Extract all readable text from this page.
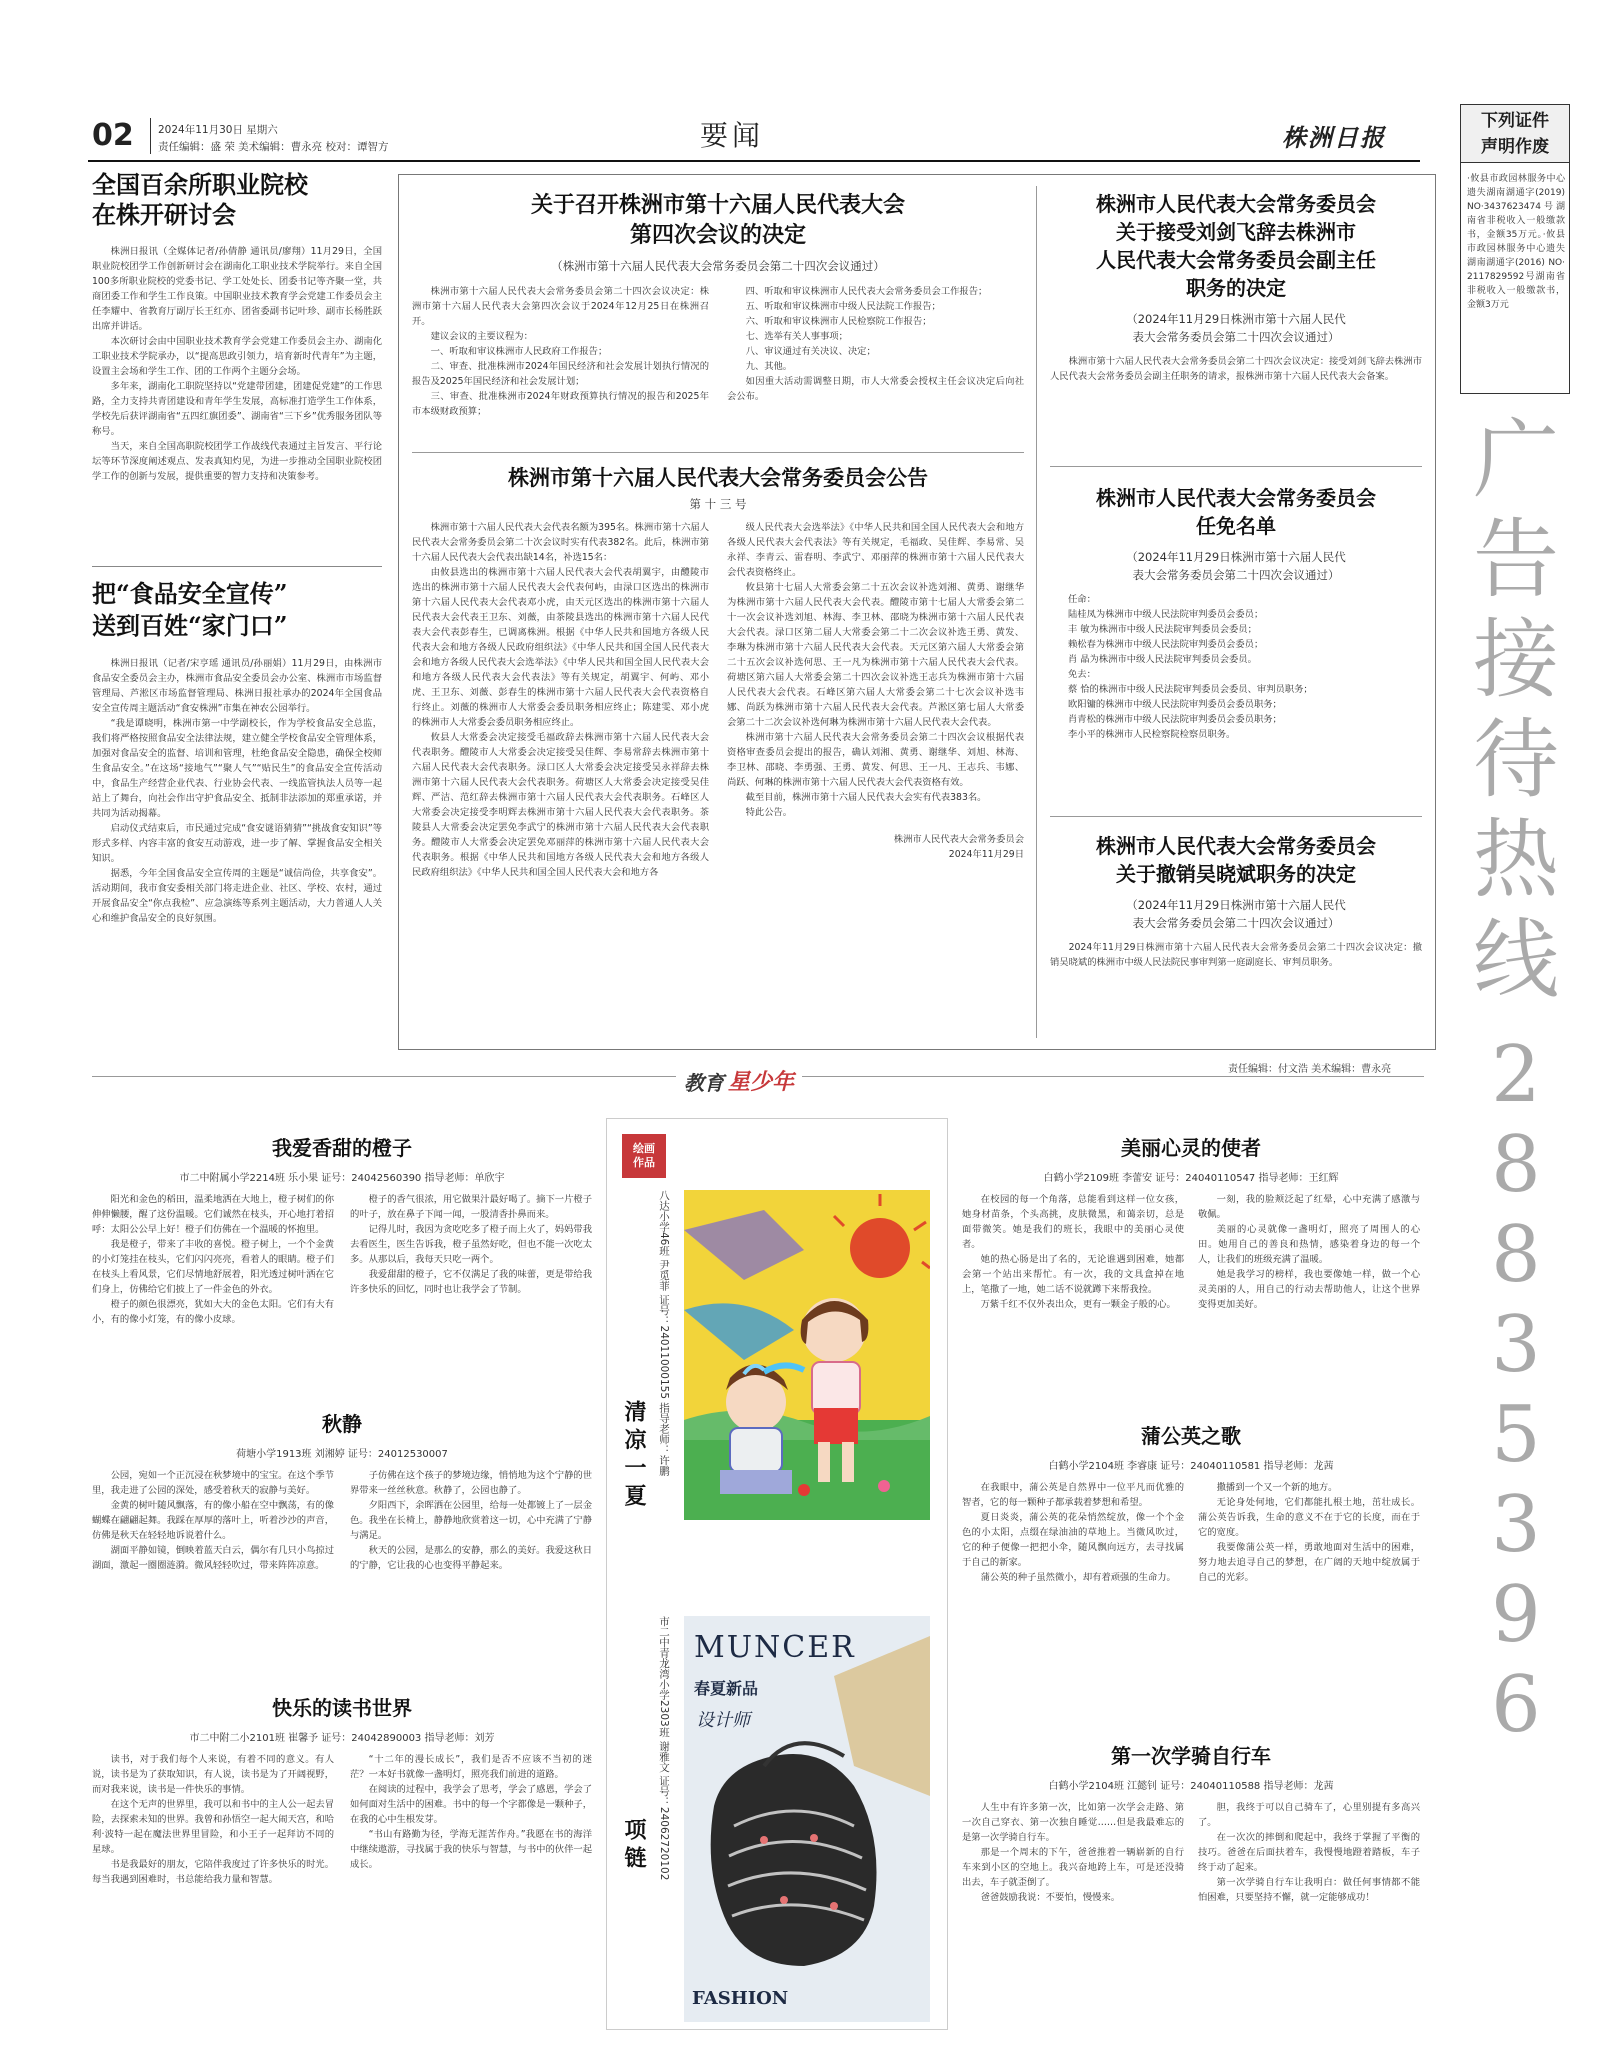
02 2024年11月30日 星期六
责任编辑：盛 荣 美术编辑：曹永亮 校对：谭智方	要闻	株洲日报
下列证件
声明作废
·攸县市政园林服务中心遗失湖南湖通字(2019) NO·3437623474号湖南省非税收入一般缴款书，金额35万元。·攸县市政园林服务中心遗失湖南湖通字(2016) NO·2117829592号湖南省非税收入一般缴款书，金额3万元
广
告
接
待
热
线
2
8
8
3
5
3
9
6
全国百余所职业院校
在株开研讨会

株洲日报讯（全媒体记者/孙倩静 通讯员/廖翔）11月29日，全国职业院校团学工作创新研讨会在湖南化工职业技术学院举行。来自全国100多所职业院校的党委书记、学工处处长、团委书记等齐聚一堂，共商团委工作和学生工作良策。中国职业技术教育学会党建工作委员会主任李耀中、省教育厅副厅长王红亦、团省委副书记叶珍、副市长杨胜跃出席并讲话。

本次研讨会由中国职业技术教育学会党建工作委员会主办、湖南化工职业技术学院承办，以“提高思政引领力，培育新时代青年”为主题，设置主会场和学生工作、团的工作两个主题分会场。

多年来，湖南化工职院坚持以“党建带团建，团建促党建”的工作思路，全力支持共青团建设和青年学生发展，高标准打造学生工作体系，学校先后获评湖南省“五四红旗团委”、湖南省“三下乡”优秀服务团队等称号。

当天，来自全国高职院校团学工作战线代表通过主旨发言、平行论坛等环节深度阐述观点、发表真知灼见，为进一步推动全国职业院校团学工作的创新与发展，提供重要的智力支持和决策参考。

把“食品安全宣传”
送到百姓“家门口”

株洲日报讯（记者/宋亨瑶 通讯员/孙丽娟）11月29日，由株洲市食品安全委员会主办，株洲市食品安全委员会办公室、株洲市市场监督管理局、芦淞区市场监督管理局、株洲日报社承办的2024年全国食品安全宣传周主题活动“食安株洲”市集在神农公园举行。

“我是谭晓明，株洲市第一中学副校长，作为学校食品安全总监，我们将严格按照食品安全法律法规，建立健全学校食品安全管理体系，加强对食品安全的监督、培训和管理，杜绝食品安全隐患，确保全校师生食品安全。”在这场“接地气”“聚人气”“贴民生”的食品安全宣传活动中，食品生产经营企业代表、行业协会代表、一线监管执法人员等一起站上了舞台，向社会作出守护食品安全、抵制非法添加的郑重承诺，并共同为活动揭幕。

启动仪式结束后，市民通过完成“食安谜语猜猜”“挑战食安知识”等形式多样、内容丰富的食安互动游戏，进一步了解、掌握食品安全相关知识。

据悉，今年全国食品安全宣传周的主题是“诚信尚俭，共享食安”。活动期间，我市食安委相关部门将走进企业、社区、学校、农村，通过开展食品安全“你点我检”、应急演练等系列主题活动，大力普通人人关心和维护食品安全的良好氛围。

关于召开株洲市第十六届人民代表大会
第四次会议的决定
（株洲市第十六届人民代表大会常务委员会第二十四次会议通过）

株洲市第十六届人民代表大会常务委员会第二十四次会议决定：株洲市第十六届人民代表大会第四次会议于2024年12月25日在株洲召开。

建议会议的主要议程为：

一、听取和审议株洲市人民政府工作报告；

二、审查、批准株洲市2024年国民经济和社会发展计划执行情况的报告及2025年国民经济和社会发展计划；

三、审查、批准株洲市2024年财政预算执行情况的报告和2025年市本级财政预算；

四、听取和审议株洲市人民代表大会常务委员会工作报告；

五、听取和审议株洲市中级人民法院工作报告；

六、听取和审议株洲市人民检察院工作报告；

七、选举有关人事事项；

八、审议通过有关决议、决定；

九、其他。

如因重大活动需调整日期，市人大常委会授权主任会议决定后向社会公布。

株洲市第十六届人民代表大会常务委员会公告
第 十 三 号

株洲市第十六届人民代表大会代表名额为395名。株洲市第十六届人民代表大会常务委员会第二十次会议时实有代表382名。此后，株洲市第十六届人民代表大会代表出缺14名，补选15名：

由攸县选出的株洲市第十六届人民代表大会代表胡翼宇，由醴陵市选出的株洲市第十六届人民代表大会代表何屿，由渌口区选出的株洲市第十六届人民代表大会代表邓小虎，由天元区选出的株洲市第十六届人民代表大会代表王卫东、刘薇，由茶陵县选出的株洲市第十六届人民代表大会代表彭春生，已调离株洲。根据《中华人民共和国地方各级人民代表大会和地方各级人民政府组织法》《中华人民共和国全国人民代表大会和地方各级人民代表大会选举法》《中华人民共和国全国人民代表大会和地方各级人民代表大会代表法》等有关规定，胡翼宇、何屿、邓小虎、王卫东、刘薇、彭春生的株洲市第十六届人民代表大会代表资格自行终止。刘薇的株洲市人大常委会委员职务相应终止；陈建雯、邓小虎的株洲市人大常委会委员职务相应终止。

攸县人大常委会决定接受毛福政辞去株洲市第十六届人民代表大会代表职务。醴陵市人大常委会决定接受吴佳辉、李易常辞去株洲市第十六届人民代表大会代表职务。渌口区人大常委会决定接受吴永祥辞去株洲市第十六届人民代表大会代表职务。荷塘区人大常委会决定接受吴佳辉、严洁、范红辞去株洲市第十六届人民代表大会代表职务。石峰区人大常委会决定接受李明辉去株洲市第十六届人民代表大会代表职务。茶陵县人大常委会决定罢免李武宁的株洲市第十六届人民代表大会代表职务。醴陵市人大常委会决定罢免邓丽萍的株洲市第十六届人民代表大会代表职务。根据《中华人民共和国地方各级人民代表大会和地方各级人民政府组织法》《中华人民共和国全国人民代表大会和地方各

级人民代表大会选举法》《中华人民共和国全国人民代表大会和地方各级人民代表大会代表法》等有关规定，毛福政、吴佳辉、李易常、吴永祥、李青云、雷春明、李武宁、邓丽萍的株洲市第十六届人民代表大会代表资格终止。

攸县第十七届人大常委会第二十五次会议补选刘湘、黄勇、谢继华为株洲市第十六届人民代表大会代表。醴陵市第十七届人大常委会第二十一次会议补选刘旭、林海、李卫林、邵晓为株洲市第十六届人民代表大会代表。渌口区第二届人大常委会第二十二次会议补选王勇、黄发、李琳为株洲市第十六届人民代表大会代表。天元区第六届人大常委会第二十五次会议补选何思、王一凡为株洲市第十六届人民代表大会代表。荷塘区第六届人大常委会第二十四次会议补选王志兵为株洲市第十六届人民代表大会代表。石峰区第六届人大常委会第二十七次会议补选韦娜、尚跃为株洲市第十六届人民代表大会代表。芦淞区第七届人大常委会第二十二次会议补选何琳为株洲市第十六届人民代表大会代表。

株洲市第十六届人民代表大会常务委员会第二十四次会议根据代表资格审查委员会提出的报告，确认刘湘、黄勇、谢继华、刘旭、林海、李卫林、邵晓、李勇强、王勇、黄发、何思、王一凡、王志兵、韦娜、尚跃、何琳的株洲市第十六届人民代表大会代表资格有效。

截至目前，株洲市第十六届人民代表大会实有代表383名。

特此公告。

株洲市人民代表大会常务委员会
2024年11月29日
株洲市人民代表大会常务委员会
关于接受刘剑飞辞去株洲市
人民代表大会常务委员会副主任
职务的决定
（2024年11月29日株洲市第十六届人民代
表大会常务委员会第二十四次会议通过）

株洲市第十六届人民代表大会常务委员会第二十四次会议决定：接受刘剑飞辞去株洲市人民代表大会常务委员会副主任职务的请求，报株洲市第十六届人民代表大会备案。

株洲市人民代表大会常务委员会
任免名单
（2024年11月29日株洲市第十六届人民代
表大会常务委员会第二十四次会议通过）
任命：
陆桂凤为株洲市中级人民法院审判委员会委员；
丰 敏为株洲市中级人民法院审判委员会委员；
赖松春为株洲市中级人民法院审判委员会委员；
肖 晶为株洲市中级人民法院审判委员会委员。
免去：
蔡 恰的株洲市中级人民法院审判委员会委员、审判员职务；
欧阳镛的株洲市中级人民法院审判委员会委员职务；
肖青松的株洲市中级人民法院审判委员会委员职务；
李小平的株洲市人民检察院检察员职务。
株洲市人民代表大会常务委员会
关于撤销吴晓斌职务的决定
（2024年11月29日株洲市第十六届人民代
表大会常务委员会第二十四次会议通过）

2024年11月29日株洲市第十六届人民代表大会常务委员会第二十四次会议决定：撤销吴晓斌的株洲市中级人民法院民事审判第一庭副庭长、审判员职务。

教育 星少年
责任编辑：付文浩 美术编辑：曹永亮
我爱香甜的橙子
市二中附属小学2214班 乐小果 证号：24042560390 指导老师：单欣宇

阳光和金色的稻田，温柔地洒在大地上，橙子树们的你伸伸懒腰，醒了这份温暖。它们诚然在枝头，开心地打着招呼：太阳公公早上好！橙子们仿佛在一个温暖的怀抱里。

我是橙子，带来了丰收的喜悦。橙子树上，一个个金黄的小灯笼挂在枝头，它们闪闪亮亮，看着人的眼睛。橙子们在枝头上看风景，它们尽情地舒展着，阳光透过树叶洒在它们身上，仿佛给它们披上了一件金色的外衣。

橙子的颜色很漂亮，犹如大大的金色太阳。它们有大有小，有的像小灯笼，有的像小皮球。

橙子的香气很浓，用它做果汁最好喝了。摘下一片橙子的叶子，放在鼻子下闻一闻，一股清香扑鼻而来。

记得儿时，我因为贪吃吃多了橙子而上火了，妈妈带我去看医生，医生告诉我，橙子虽然好吃，但也不能一次吃太多。从那以后，我每天只吃一两个。

我爱甜甜的橙子，它不仅满足了我的味蕾，更是带给我许多快乐的回忆，同时也让我学会了节制。

秋静
荷塘小学1913班 刘湘婷 证号：24012530007

公园，宛如一个正沉浸在秋梦境中的宝宝。在这个季节里，我走进了公园的深处，感受着秋天的寂静与美好。

金黄的树叶随风飘落，有的像小船在空中飘荡，有的像蝴蝶在翩翩起舞。我踩在厚厚的落叶上，听着沙沙的声音，仿佛是秋天在轻轻地诉说着什么。

湖面平静如镜，倒映着蓝天白云，偶尔有几只小鸟掠过湖面，激起一圈圈涟漪。微风轻轻吹过，带来阵阵凉意。

子仿佛在这个孩子的梦境边缘，悄悄地为这个宁静的世界带来一丝丝秋意。秋静了，公园也静了。

夕阳西下，余晖洒在公园里，给每一处都镀上了一层金色。我坐在长椅上，静静地欣赏着这一切，心中充满了宁静与满足。

秋天的公园，是那么的安静，那么的美好。我爱这秋日的宁静，它让我的心也变得平静起来。

快乐的读书世界
市二中附二小2101班 崔馨予 证号：24042890003 指导老师：刘芳

读书，对于我们每个人来说，有着不同的意义。有人说，读书是为了获取知识，有人说，读书是为了开阔视野，而对我来说，读书是一件快乐的事情。

在这个无声的世界里，我可以和书中的主人公一起去冒险，去探索未知的世界。我曾和孙悟空一起大闹天宫，和哈利·波特一起在魔法世界里冒险，和小王子一起拜访不同的星球。

书是我最好的朋友，它陪伴我度过了许多快乐的时光。每当我遇到困难时，书总能给我力量和智慧。

“十二年的漫长成长”，我们是否不应该不当初的迷茫？一本好书就像一盏明灯，照亮我们前进的道路。

在阅读的过程中，我学会了思考，学会了感恩，学会了如何面对生活中的困难。书中的每一个字都像是一颗种子，在我的心中生根发芽。

“书山有路勤为径，学海无涯苦作舟。”我愿在书的海洋中继续遨游，寻找属于我的快乐与智慧，与书中的伙伴一起成长。

绘画作品
清凉一夏	八达小学46班 尹觅菲 证号：24011000155 指导老师：许鹏
项链	市二中青龙湾小学2303班 谢雅文 证号：24062720102 MUNCER
春夏新品
设计师
FASHION
美丽心灵的使者
白鹤小学2109班 李蕾安 证号：24040110547 指导老师：王红辉

在校园的每一个角落，总能看到这样一位女孩，她身材苗条，个头高挑，皮肤微黑，和蔼亲切，总是面带微笑。她是我们的班长，我眼中的美丽心灵使者。

她的热心肠是出了名的，无论谁遇到困难，她都会第一个站出来帮忙。有一次，我的文具盒掉在地上，笔撒了一地，她二话不说就蹲下来帮我捡。

万紫千红不仅外表出众，更有一颗金子般的心。

一刻，我的脸颊泛起了红晕，心中充满了感激与敬佩。

美丽的心灵就像一盏明灯，照亮了周围人的心田。她用自己的善良和热情，感染着身边的每一个人，让我们的班级充满了温暖。

她是我学习的榜样，我也要像她一样，做一个心灵美丽的人，用自己的行动去帮助他人，让这个世界变得更加美好。

蒲公英之歌
白鹤小学2104班 李睿康 证号：24040110581 指导老师：龙茜

在我眼中，蒲公英是自然界中一位平凡而优雅的智者，它的每一颗种子都承载着梦想和希望。

夏日炎炎，蒲公英的花朵悄然绽放，像一个个金色的小太阳，点缀在绿油油的草地上。当微风吹过，它的种子便像一把把小伞，随风飘向远方，去寻找属于自己的新家。

蒲公英的种子虽然微小，却有着顽强的生命力。

撒播到一个又一个新的地方。

无论身处何地，它们都能扎根土地，茁壮成长。蒲公英告诉我，生命的意义不在于它的长度，而在于它的宽度。

我要像蒲公英一样，勇敢地面对生活中的困难，努力地去追寻自己的梦想，在广阔的天地中绽放属于自己的光彩。

第一次学骑自行车
白鹤小学2104班 江懿钊 证号：24040110588 指导老师：龙茜

人生中有许多第一次，比如第一次学会走路、第一次自己穿衣、第一次独自睡觉……但是我最难忘的是第一次学骑自行车。

那是一个周末的下午，爸爸推着一辆崭新的自行车来到小区的空地上。我兴奋地跨上车，可是还没骑出去，车子就歪倒了。

爸爸鼓励我说：不要怕，慢慢来。

胆，我终于可以自己骑车了，心里别提有多高兴了。

在一次次的摔倒和爬起中，我终于掌握了平衡的技巧。爸爸在后面扶着车，我慢慢地蹬着踏板，车子终于动了起来。

第一次学骑自行车让我明白：做任何事情都不能怕困难，只要坚持不懈，就一定能够成功！
